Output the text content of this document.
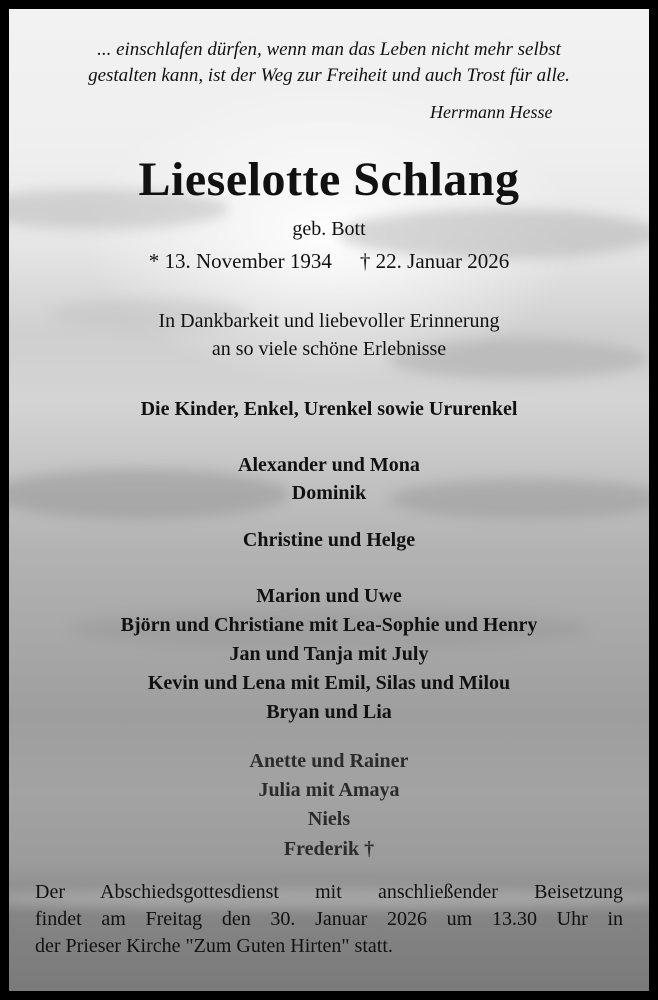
... einschlafen dürfen, wenn man das Leben nicht mehr selbst
gestalten kann, ist der Weg zur Freiheit und auch Trost für alle.
Herrmann Hesse
Lieselotte Schlang
geb. Bott
* 13. November 1934 † 22. Januar 2026
In Dankbarkeit und liebevoller Erinnerung
an so viele schöne Erlebnisse
Die Kinder, Enkel, Urenkel sowie Ururenkel
Alexander und Mona
Dominik
Christine und Helge
Marion und Uwe
Björn und Christiane mit Lea-Sophie und Henry
Jan und Tanja mit July
Kevin und Lena mit Emil, Silas und Milou
Bryan und Lia
Anette und Rainer
Julia mit Amaya
Niels
Frederik †
Der Abschiedsgottesdienst mit anschließender Beisetzung
findet am Freitag den 30. Januar 2026 um 13.30 Uhr in
der Prieser Kirche "Zum Guten Hirten" statt.
